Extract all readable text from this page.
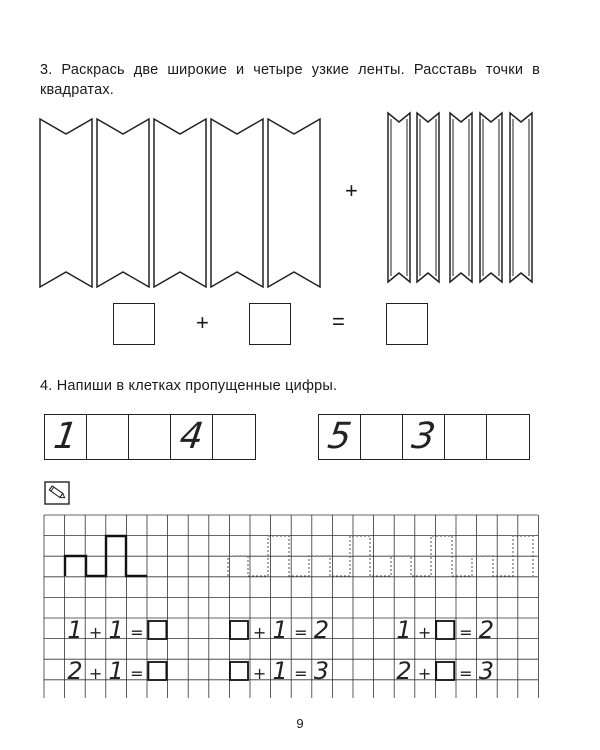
3. Раскрась две широкие и четыре узкие ленты. Расставь точки в квадратах.
+
+	=
4. Напиши в клетках пропущенные цифры.
1	4	5 3
1 + 1 =	+ 1 = 2	1 + = 2
2 + 1 =	+ 1 = 3	2 + = 3
9
